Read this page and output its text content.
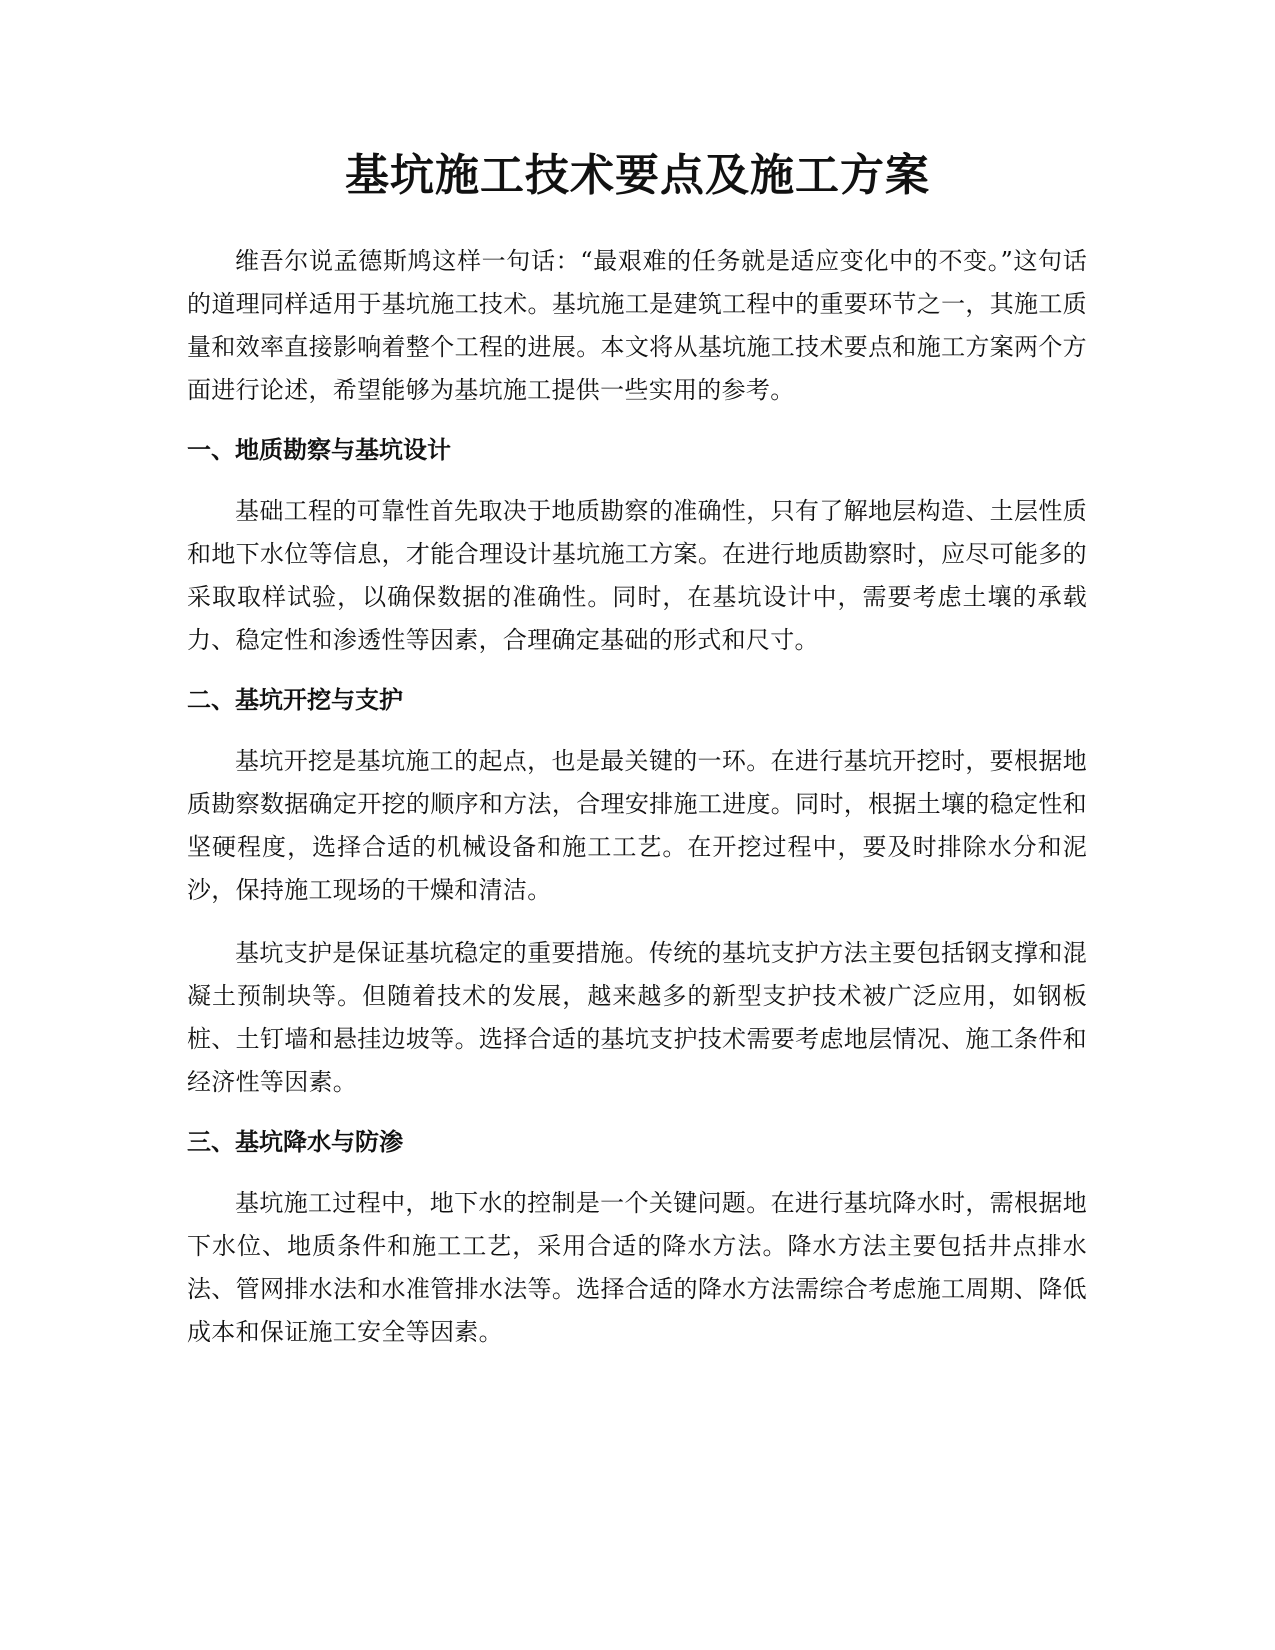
基坑施工技术要点及施工方案

维吾尔说孟德斯鸠这样一句话：“最艰难的任务就是适应变化中的不变。”这句话的道理同样适用于基坑施工技术。基坑施工是建筑工程中的重要环节之一，其施工质量和效率直接影响着整个工程的进展。本文将从基坑施工技术要点和施工方案两个方面进行论述，希望能够为基坑施工提供一些实用的参考。

一、地质勘察与基坑设计

基础工程的可靠性首先取决于地质勘察的准确性，只有了解地层构造、土层性质和地下水位等信息，才能合理设计基坑施工方案。在进行地质勘察时，应尽可能多的采取取样试验，以确保数据的准确性。同时，在基坑设计中，需要考虑土壤的承载力、稳定性和渗透性等因素，合理确定基础的形式和尺寸。

二、基坑开挖与支护

基坑开挖是基坑施工的起点，也是最关键的一环。在进行基坑开挖时，要根据地质勘察数据确定开挖的顺序和方法，合理安排施工进度。同时，根据土壤的稳定性和坚硬程度，选择合适的机械设备和施工工艺。在开挖过程中，要及时排除水分和泥沙，保持施工现场的干燥和清洁。

基坑支护是保证基坑稳定的重要措施。传统的基坑支护方法主要包括钢支撑和混凝土预制块等。但随着技术的发展，越来越多的新型支护技术被广泛应用，如钢板桩、土钉墙和悬挂边坡等。选择合适的基坑支护技术需要考虑地层情况、施工条件和经济性等因素。

三、基坑降水与防渗

基坑施工过程中，地下水的控制是一个关键问题。在进行基坑降水时，需根据地下水位、地质条件和施工工艺，采用合适的降水方法。降水方法主要包括井点排水法、管网排水法和水准管排水法等。选择合适的降水方法需综合考虑施工周期、降低成本和保证施工安全等因素。
